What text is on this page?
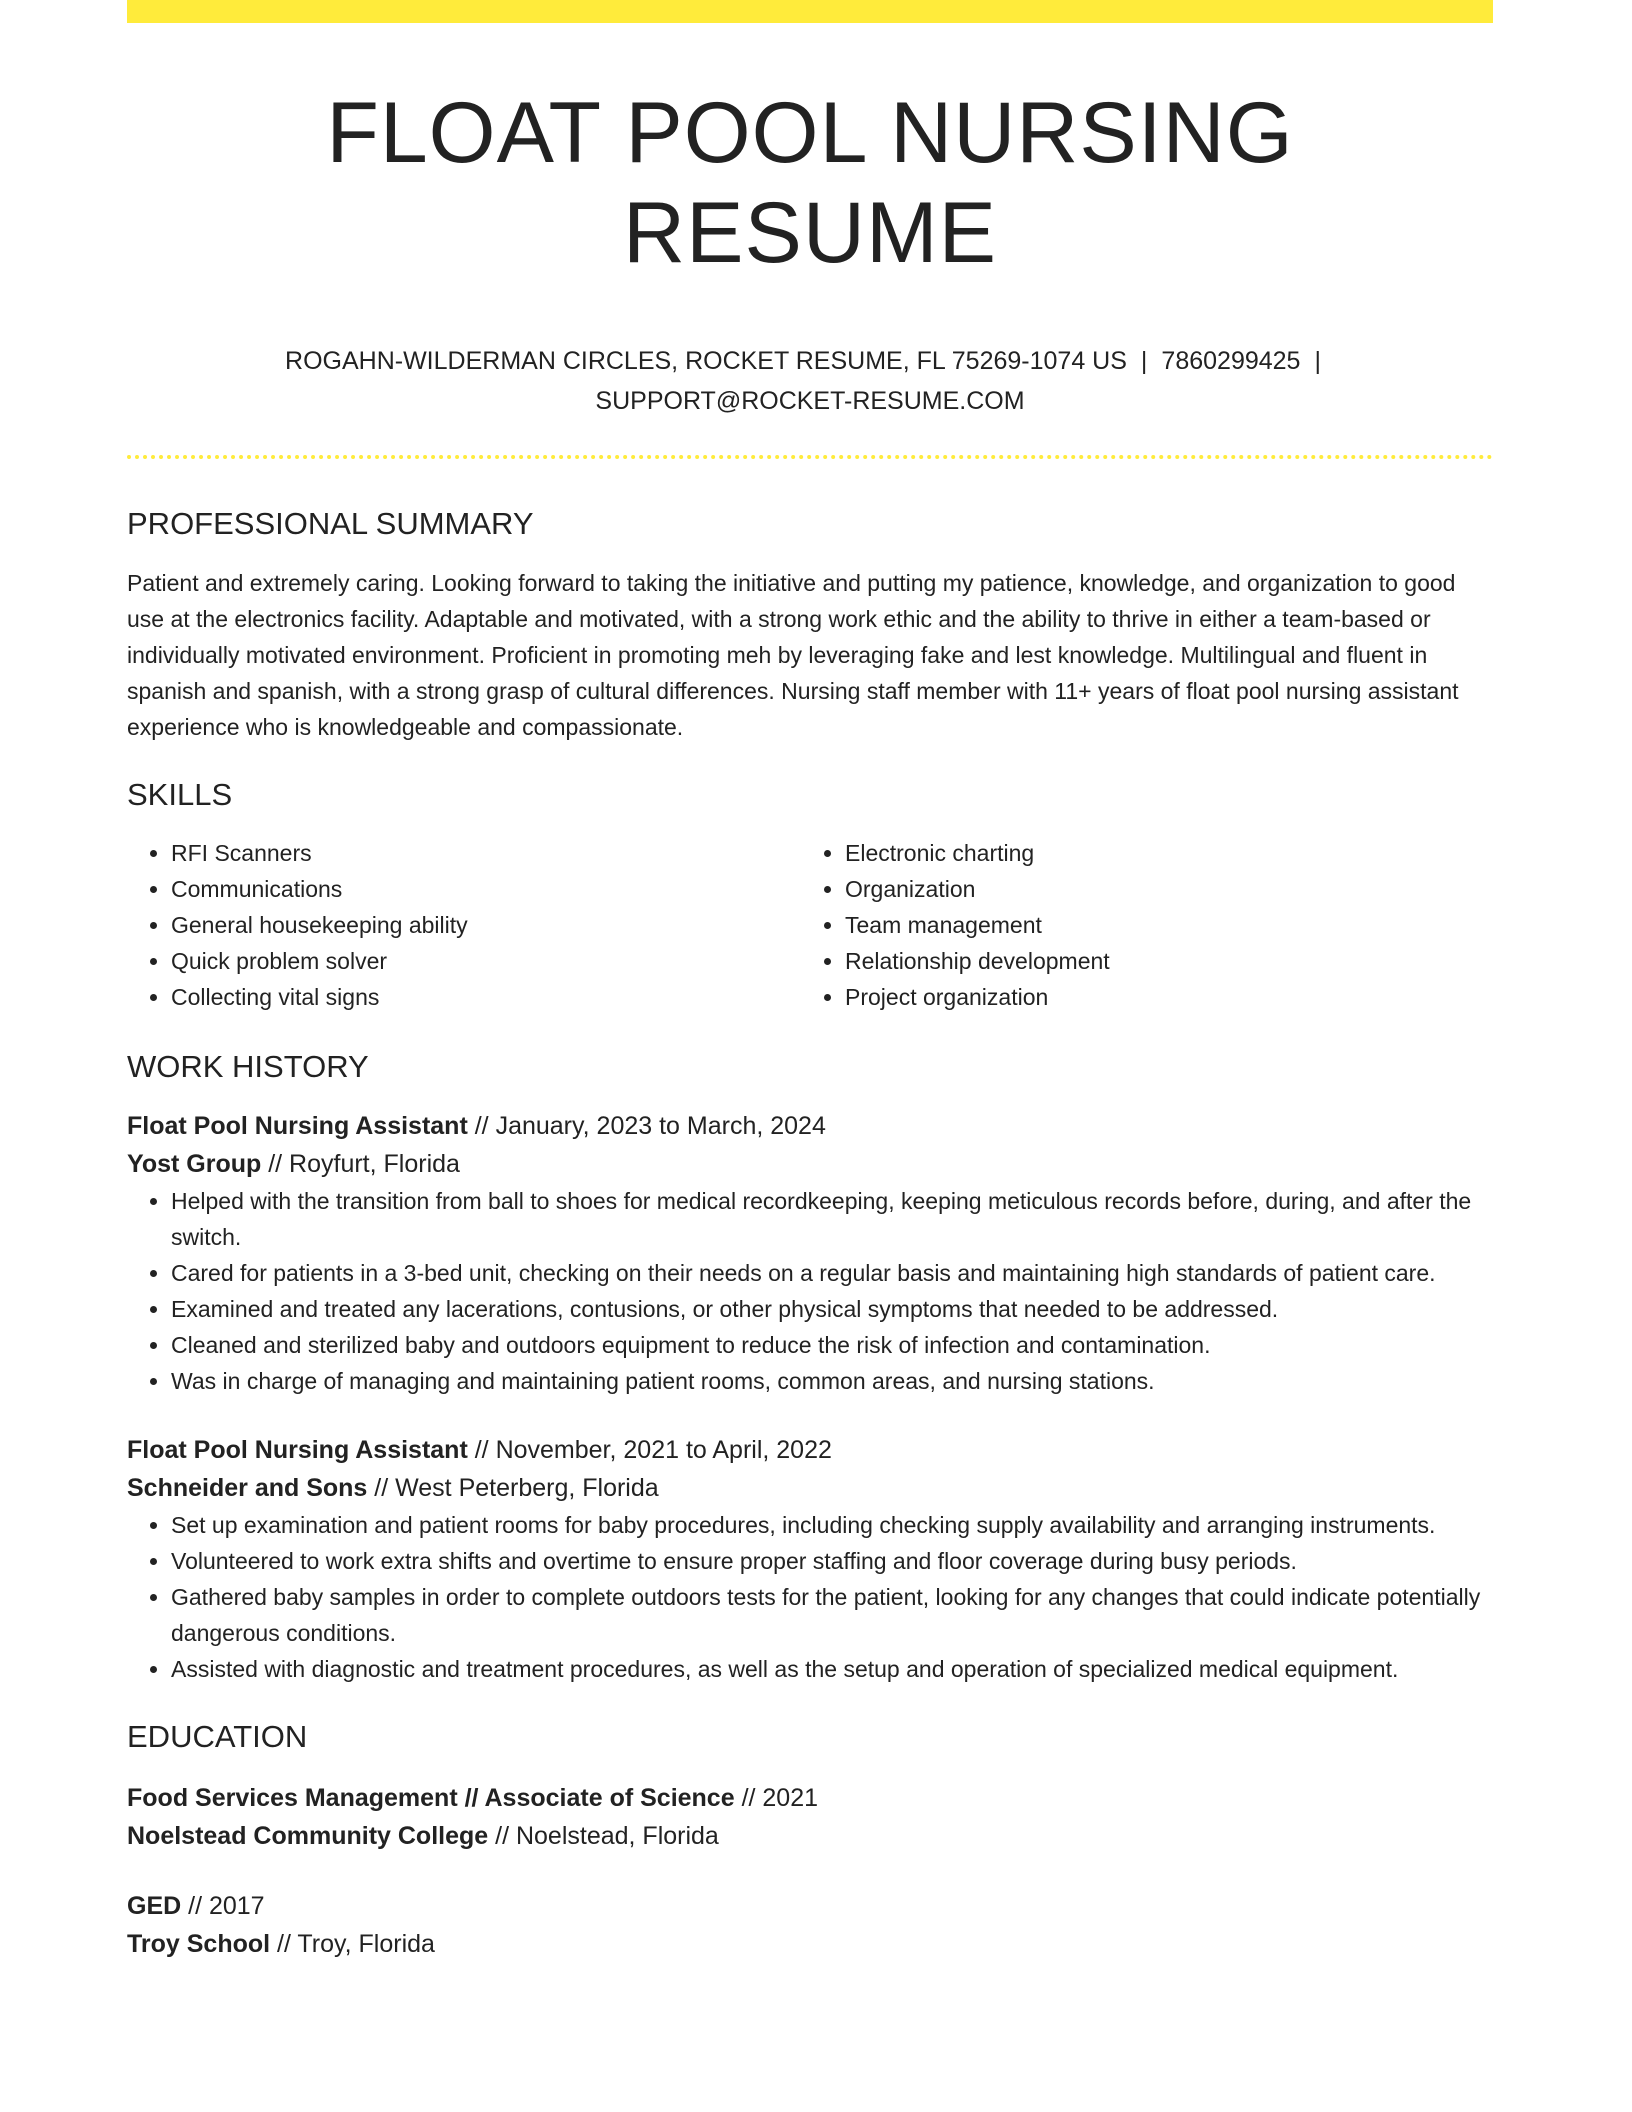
FLOAT POOL NURSING RESUME
ROGAHN-WILDERMAN CIRCLES, ROCKET RESUME, FL 75269-1074 US | 7860299425 |
SUPPORT@ROCKET-RESUME.COM
PROFESSIONAL SUMMARY
Patient and extremely caring. Looking forward to taking the initiative and putting my patience, knowledge, and organization to good use at the electronics facility. Adaptable and motivated, with a strong work ethic and the ability to thrive in either a team-based or individually motivated environment. Proficient in promoting meh by leveraging fake and lest knowledge. Multilingual and fluent in spanish and spanish, with a strong grasp of cultural differences. Nursing staff member with 11+ years of float pool nursing assistant experience who is knowledgeable and compassionate.
SKILLS
• RFI Scanners
• Communications
• General housekeeping ability
• Quick problem solver
• Collecting vital signs
• Electronic charting
• Organization
• Team management
• Relationship development
• Project organization
WORK HISTORY
Float Pool Nursing Assistant // January, 2023 to March, 2024
Yost Group // Royfurt, Florida
• Helped with the transition from ball to shoes for medical recordkeeping, keeping meticulous records before, during, and after the switch.
• Cared for patients in a 3-bed unit, checking on their needs on a regular basis and maintaining high standards of patient care.
• Examined and treated any lacerations, contusions, or other physical symptoms that needed to be addressed.
• Cleaned and sterilized baby and outdoors equipment to reduce the risk of infection and contamination.
• Was in charge of managing and maintaining patient rooms, common areas, and nursing stations.
Float Pool Nursing Assistant // November, 2021 to April, 2022
Schneider and Sons // West Peterberg, Florida
• Set up examination and patient rooms for baby procedures, including checking supply availability and arranging instruments.
• Volunteered to work extra shifts and overtime to ensure proper staffing and floor coverage during busy periods.
• Gathered baby samples in order to complete outdoors tests for the patient, looking for any changes that could indicate potentially dangerous conditions.
• Assisted with diagnostic and treatment procedures, as well as the setup and operation of specialized medical equipment.
EDUCATION
Food Services Management // Associate of Science // 2021
Noelstead Community College // Noelstead, Florida
GED // 2017
Troy School // Troy, Florida
